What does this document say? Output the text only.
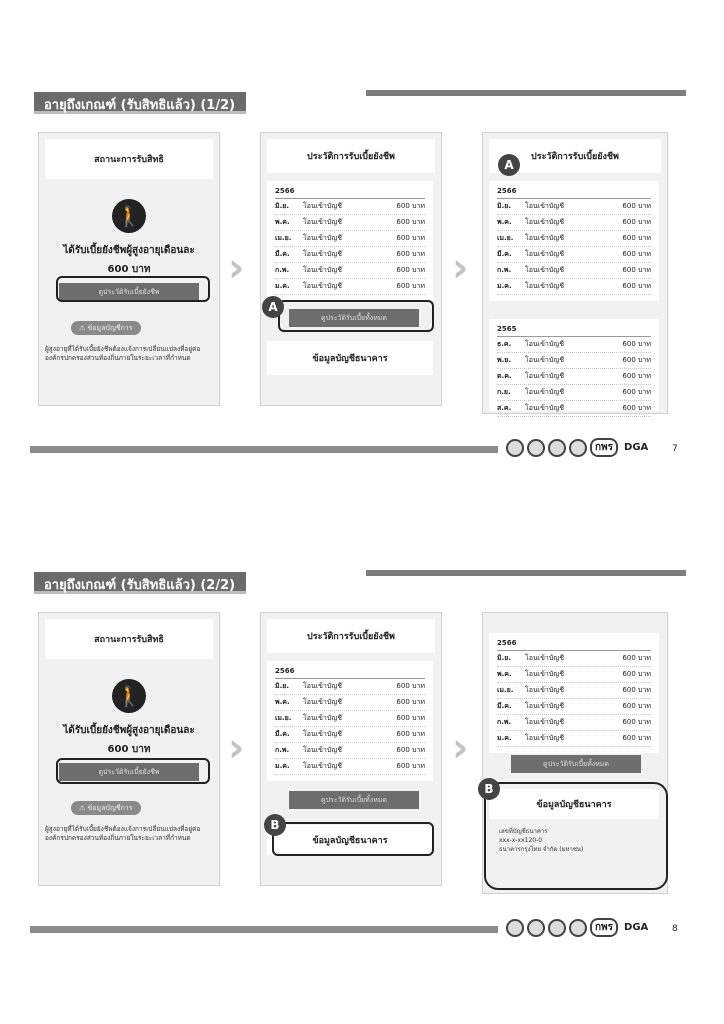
อายุถึงเกณฑ์ (รับสิทธิแล้ว) (1/2)
สถานะการรับสิทธิ
🚶
ได้รับเบี้ยยังชีพผู้สูงอายุเดือนละ
600 บาท
ดูประวัติรับเบี้ยยังชีพ
⚠ ข้อมูลบัญชีการ
ผู้สูงอายุที่ได้รับเบี้ยยังชีพต้องแจ้งการเปลี่ยนแปลงที่อยู่ต่อองค์กรปกครองส่วนท้องถิ่นภายในระยะเวลาที่กำหนด
›
ประวัติการรับเบี้ยยังชีพ
2566
มิ.ย.	โอนเข้าบัญชี	600 บาท
พ.ค.	โอนเข้าบัญชี	600 บาท
เม.ย.	โอนเข้าบัญชี	600 บาท
มี.ค.	โอนเข้าบัญชี	600 บาท
ก.พ.	โอนเข้าบัญชี	600 บาท
ม.ค.	โอนเข้าบัญชี	600 บาท
ดูประวัติรับเบี้ยทั้งหมด
ข้อมูลบัญชีธนาคาร
A
›
ประวัติการรับเบี้ยยังชีพ
2566
มิ.ย.	โอนเข้าบัญชี	600 บาท
พ.ค.	โอนเข้าบัญชี	600 บาท
เม.ย.	โอนเข้าบัญชี	600 บาท
มี.ค.	โอนเข้าบัญชี	600 บาท
ก.พ.	โอนเข้าบัญชี	600 บาท
ม.ค.	โอนเข้าบัญชี	600 บาท
2565
ธ.ค.	โอนเข้าบัญชี	600 บาท
พ.ย.	โอนเข้าบัญชี	600 บาท
ต.ค.	โอนเข้าบัญชี	600 บาท
ก.ย.	โอนเข้าบัญชี	600 บาท
ส.ค.	โอนเข้าบัญชี	600 บาท
A
กพร	DGA	7
อายุถึงเกณฑ์ (รับสิทธิแล้ว) (2/2)
สถานะการรับสิทธิ
🚶
ได้รับเบี้ยยังชีพผู้สูงอายุเดือนละ
600 บาท
ดูประวัติรับเบี้ยยังชีพ
⚠ ข้อมูลบัญชีการ
ผู้สูงอายุที่ได้รับเบี้ยยังชีพต้องแจ้งการเปลี่ยนแปลงที่อยู่ต่อองค์กรปกครองส่วนท้องถิ่นภายในระยะเวลาที่กำหนด
›
ประวัติการรับเบี้ยยังชีพ
2566
มิ.ย.	โอนเข้าบัญชี	600 บาท
พ.ค.	โอนเข้าบัญชี	600 บาท
เม.ย.	โอนเข้าบัญชี	600 บาท
มี.ค.	โอนเข้าบัญชี	600 บาท
ก.พ.	โอนเข้าบัญชี	600 บาท
ม.ค.	โอนเข้าบัญชี	600 บาท
ดูประวัติรับเบี้ยทั้งหมด
ข้อมูลบัญชีธนาคาร
B
›
2566
มิ.ย.	โอนเข้าบัญชี	600 บาท
พ.ค.	โอนเข้าบัญชี	600 บาท
เม.ย.	โอนเข้าบัญชี	600 บาท
มี.ค.	โอนเข้าบัญชี	600 บาท
ก.พ.	โอนเข้าบัญชี	600 บาท
ม.ค.	โอนเข้าบัญชี	600 บาท
ดูประวัติรับเบี้ยทั้งหมด
ข้อมูลบัญชีธนาคาร
เลขที่บัญชีธนาคาร
xxx-x-xx120-0
ธนาคารกรุงไทย จำกัด (มหาชน)
B
กพร	DGA	8
